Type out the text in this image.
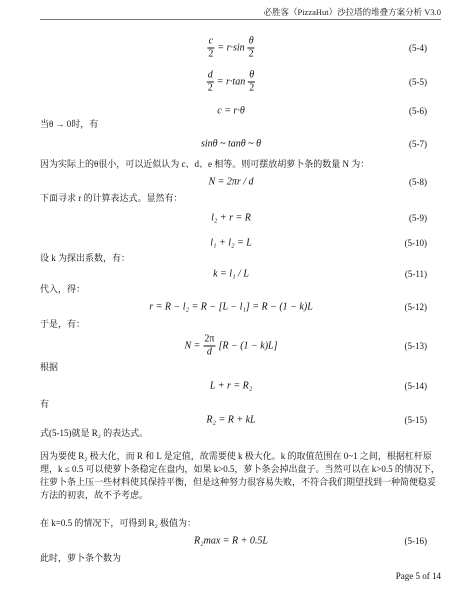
必胜客（PizzaHut）沙拉塔的堆叠方案分析 V3.0
$\frac{c}{2} = r\cdot\sin \frac{\theta}{2}$	(5-4)
$\frac{d}{2} = r\cdot\tan \frac{\theta}{2}$	(5-5)
c = r·θ	(5-6)
当θ → 0时，有
sinθ ~ tanθ ~ θ	(5-7)
因为实际上的θ很小，可以近似认为 c、d、e 相等。则可摆放胡萝卜条的数量 N 为：
N = 2πr / d	(5-8)
下面寻求 r 的计算表达式。显然有：
l₂ + r = R	(5-9)
l₁ + l₂ = L	(5-10)
设 k 为探出系数，有：
k = l₁ / L	(5-11)
代入，得：
r = R − l₂ = R − [L − l₁] = R − (1 − k)L	(5-12)
于是，有：
$N = \frac{2\pi}{d} [R - (1 - k)L]$	(5-13)
根据
L + r = R₂	(5-14)
有
R₂ = R + kL	(5-15)
式(5-15)就是 R₂ 的表达式。
因为要使 R₂ 极大化，而 R 和 L 是定值，故需要使 k 极大化。k 的取值范围在 0~1 之间，根据杠杆原理，k ≤ 0.5 可以使萝卜条稳定在盘内，如果 k>0.5，萝卜条会掉出盘子。当然可以在 k>0.5 的情况下，往萝卜条上压一些材料使其保持平衡，但是这种努力很容易失败，不符合我们期望找到一种简便稳妥方法的初衷，故不予考虑。
在 k=0.5 的情况下，可得到 R₂ 极值为：
R₂max = R + 0.5L	(5-16)
此时，萝卜条个数为
Page 5 of 14
